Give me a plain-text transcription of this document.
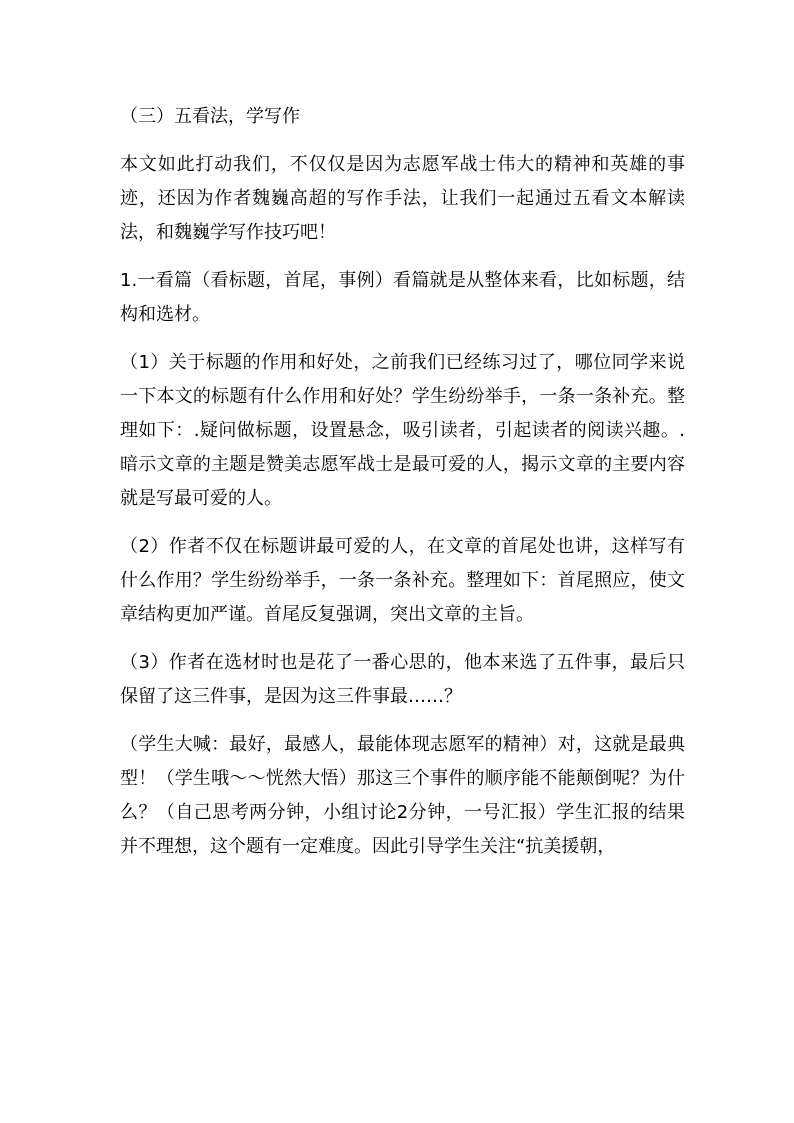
（三）五看法，学写作

本文如此打动我们，不仅仅是因为志愿军战士伟大的精神和英雄的事迹，还因为作者魏巍高超的写作手法，让我们一起通过五看文本解读法，和魏巍学写作技巧吧！

1.一看篇（看标题，首尾，事例）看篇就是从整体来看，比如标题，结构和选材。

（1）关于标题的作用和好处，之前我们已经练习过了，哪位同学来说一下本文的标题有什么作用和好处？学生纷纷举手，一条一条补充。整理如下：.疑问做标题，设置悬念，吸引读者，引起读者的阅读兴趣。.暗示文章的主题是赞美志愿军战士是最可爱的人，揭示文章的主要内容就是写最可爱的人。

（2）作者不仅在标题讲最可爱的人，在文章的首尾处也讲，这样写有什么作用？学生纷纷举手，一条一条补充。整理如下：首尾照应，使文章结构更加严谨。首尾反复强调，突出文章的主旨。

（3）作者在选材时也是花了一番心思的，他本来选了五件事，最后只保留了这三件事，是因为这三件事最……？

（学生大喊：最好，最感人，最能体现志愿军的精神）对，这就是最典型！（学生哦～～恍然大悟）那这三个事件的顺序能不能颠倒呢？为什么？（自己思考两分钟，小组讨论2分钟，一号汇报）学生汇报的结果并不理想，这个题有一定难度。因此引导学生关注“抗美援朝，
